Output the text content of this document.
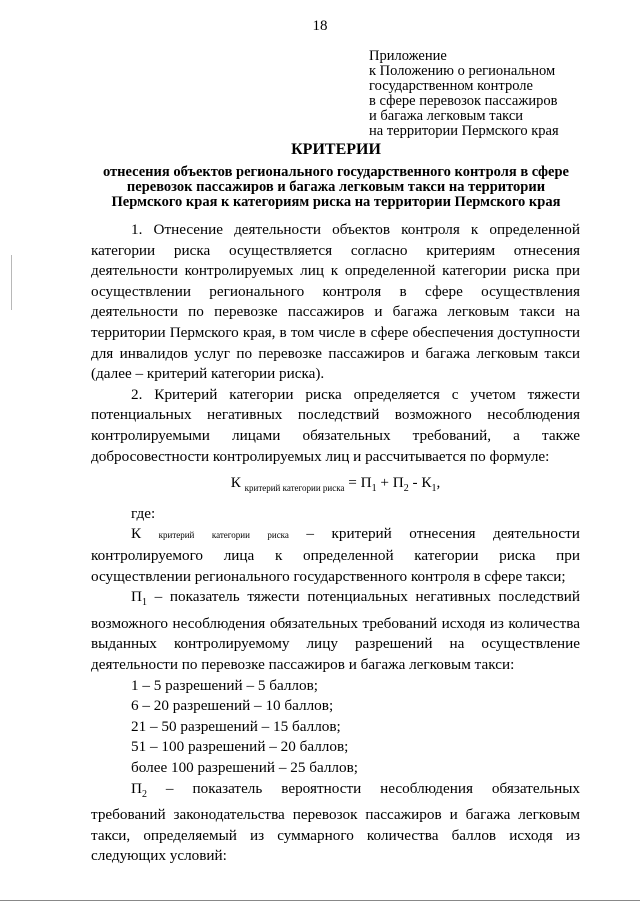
18
Приложение
к Положению о региональном
государственном контроле
в сфере перевозок пассажиров
и багажа легковым такси
на территории Пермского края
КРИТЕРИИ
отнесения объектов регионального государственного контроля в сфере
перевозок пассажиров и багажа легковым такси на территории
Пермского края к категориям риска на территории Пермского края
1. Отнесение деятельности объектов контроля к определенной категории риска осуществляется согласно критериям отнесения деятельности контролируемых лиц к определенной категории риска при осуществлении регионального контроля в сфере осуществления деятельности по перевозке пассажиров и багажа легковым такси на территории Пермского края, в том числе в сфере обеспечения доступности для инвалидов услуг по перевозке пассажиров и багажа легковым такси (далее – критерий категории риска).
2. Критерий категории риска определяется с учетом тяжести потенциальных негативных последствий возможного несоблюдения контролируемыми лицами обязательных требований, а также добросовестности контролируемых лиц и рассчитывается по формуле:
К $_{критерий категории риска} = П_1 + П_2 - К_1$,
где:
К критерий категории риска – критерий отнесения деятельности
контролируемого лица к определенной категории риска при осуществлении регионального государственного контроля в сфере такси;
$П_1$ – показатель тяжести потенциальных негативных последствий возможного несоблюдения обязательных требований исходя из количества выданных контролируемому лицу разрешений на осуществление деятельности по перевозке пассажиров и багажа легковым такси:
1 – 5 разрешений – 5 баллов;
6 – 20 разрешений – 10 баллов;
21 – 50 разрешений – 15 баллов;
51 – 100 разрешений – 20 баллов;
более 100 разрешений – 25 баллов;
$П_2$ – показатель вероятности несоблюдения обязательных требований законодательства перевозок пассажиров и багажа легковым такси, определяемый из суммарного количества баллов исходя из следующих условий:
